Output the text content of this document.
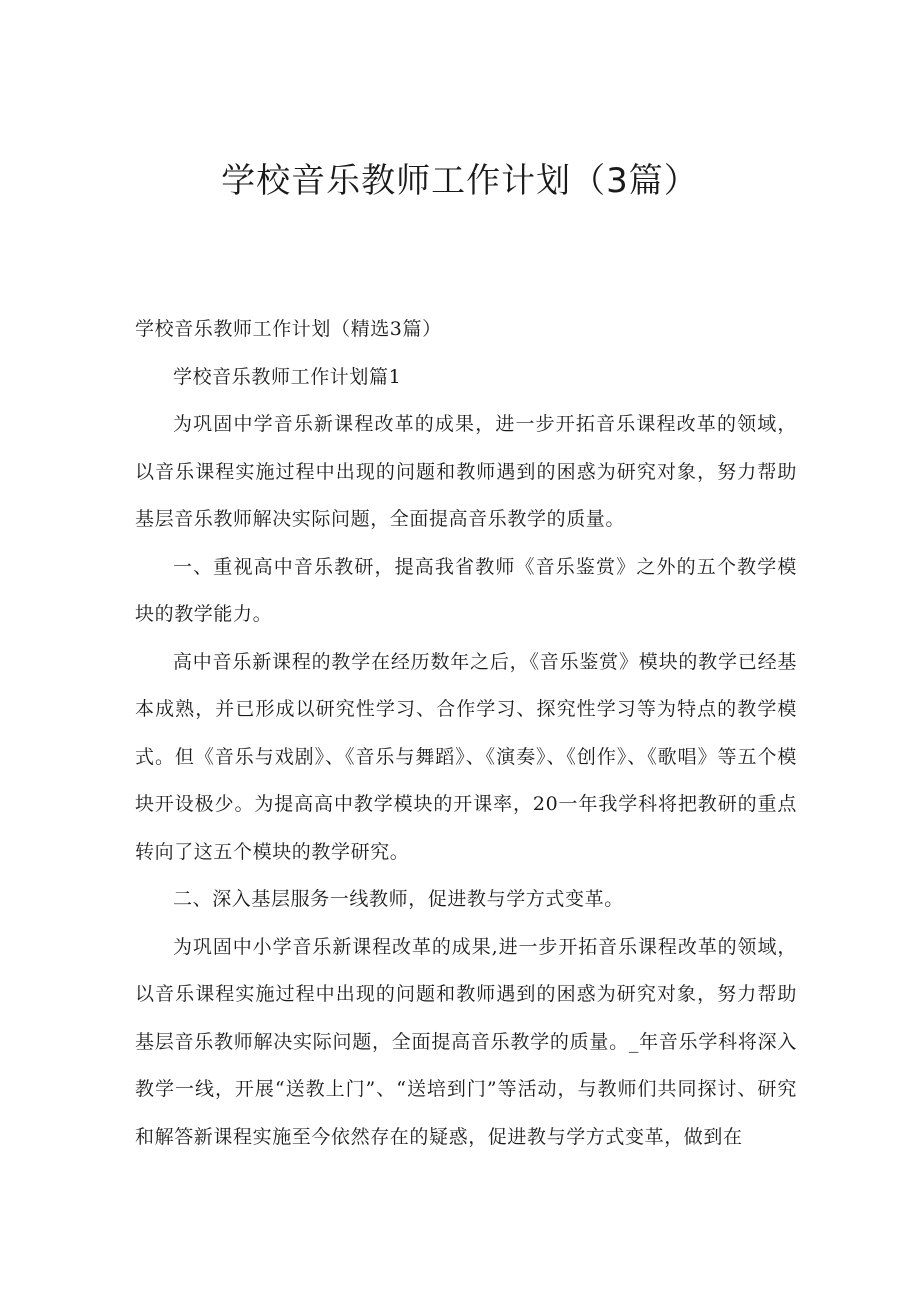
学校音乐教师工作计划（3篇）

学校音乐教师工作计划（精选3篇）

学校音乐教师工作计划篇1

为巩固中学音乐新课程改革的成果，进一步开拓音乐课程改革的领域，以音乐课程实施过程中出现的问题和教师遇到的困惑为研究对象，努力帮助基层音乐教师解决实际问题，全面提高音乐教学的质量。

一、重视高中音乐教研，提高我省教师《音乐鉴赏》之外的五个教学模块的教学能力。

高中音乐新课程的教学在经历数年之后，《音乐鉴赏》模块的教学已经基本成熟，并已形成以研究性学习、合作学习、探究性学习等为特点的教学模式。但《音乐与戏剧》、《音乐与舞蹈》、《演奏》、《创作》、《歌唱》等五个模块开设极少。为提高高中教学模块的开课率，20一年我学科将把教研的重点转向了这五个模块的教学研究。

二、深入基层服务一线教师，促进教与学方式变革。

为巩固中小学音乐新课程改革的成果,进一步开拓音乐课程改革的领域，以音乐课程实施过程中出现的问题和教师遇到的困惑为研究对象，努力帮助基层音乐教师解决实际问题，全面提高音乐教学的质量。_年音乐学科将深入教学一线，开展“送教上门”、“送培到门”等活动，与教师们共同探讨、研究和解答新课程实施至今依然存在的疑惑，促进教与学方式变革，做到在
